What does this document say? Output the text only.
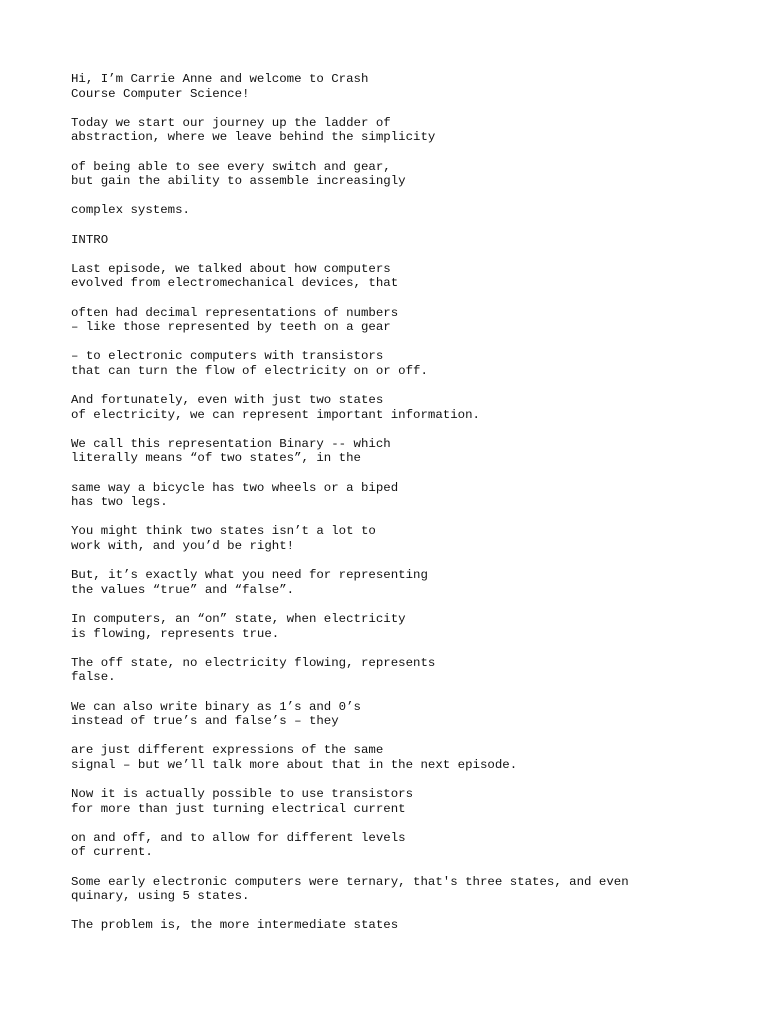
Hi, I’m Carrie Anne and welcome to Crash
Course Computer Science!

Today we start our journey up the ladder of
abstraction, where we leave behind the simplicity

of being able to see every switch and gear,
but gain the ability to assemble increasingly

complex systems.

INTRO

Last episode, we talked about how computers
evolved from electromechanical devices, that

often had decimal representations of numbers
– like those represented by teeth on a gear

– to electronic computers with transistors
that can turn the flow of electricity on or off.

And fortunately, even with just two states
of electricity, we can represent important information.

We call this representation Binary -- which
literally means “of two states”, in the

same way a bicycle has two wheels or a biped
has two legs.

You might think two states isn’t a lot to
work with, and you’d be right!

But, it’s exactly what you need for representing
the values “true” and “false”.

In computers, an “on” state, when electricity
is flowing, represents true.

The off state, no electricity flowing, represents
false.

We can also write binary as 1’s and 0’s
instead of true’s and false’s – they

are just different expressions of the same
signal – but we’ll talk more about that in the next episode.

Now it is actually possible to use transistors
for more than just turning electrical current

on and off, and to allow for different levels
of current.

Some early electronic computers were ternary, that's three states, and even
quinary, using 5 states.

The problem is, the more intermediate states
